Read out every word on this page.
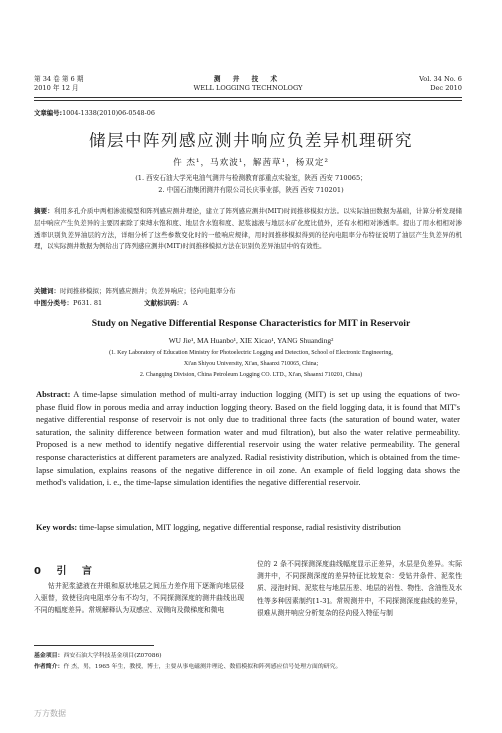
第 34 卷 第 6 期
2010 年 12 月
测 井 技 术
WELL LOGGING TECHNOLOGY
Vol. 34 No. 6
Dec 2010
文章编号:1004-1338(2010)06-0548-06
储层中阵列感应测井响应负差异机理研究
仵 杰¹，马欢波¹，解茜草¹，杨双定²
(1. 西安石油大学光电油气测井与检测教育部重点实验室，陕西 西安 710065；
2. 中国石油集团测井有限公司长庆事业部，陕西 西安 710201)
摘要：利用多孔介质中两相渗流模型和阵列感应测井理论，建立了阵列感应测井(MIT)时间推移模拟方法。以实际油田数据为基础，计算分析发现储层中响应产生负差异的主要因素除了束缚水饱和度、地层含水饱和度、泥浆滤液与地层水矿化度比值外，还有水相相对渗透率。提出了用水相相对渗透率识别负差异油层的方法，详细分析了这些参数变化时的一般响应规律，用时间推移模拟得到的径向电阻率分布特征说明了油层产生负差异的机理，以实际测井数据为例给出了阵列感应测井(MIT)时间推移模拟方法在识别负差异油层中的有效性。
关键词：时间推移模拟；阵列感应测井；负差异响应；径向电阻率分布
中图分类号：P631. 81	文献标识码：A
Study on Negative Differential Response Characteristics for MIT in Reservoir
WU Jie¹, MA Huanbo¹, XIE Xicao¹, YANG Shuanding²
(1. Key Laboratory of Education Ministry for Photoelectric Logging and Detection, School of Electronic Engineering,
Xi'an Shiyou University, Xi'an, Shaanxi 710065, China;
2. Changqing Division, China Petroleum Logging CO. LTD., Xi'an, Shaanxi 710201, China)
Abstract: A time-lapse simulation method of multi-array induction logging (MIT) is set up using the equations of two-phase fluid flow in porous media and array induction logging theory. Based on the field logging data, it is found that MIT's negative differential response of reservoir is not only due to traditional three facts (the saturation of bound water, water saturation, the salinity difference between formation water and mud filtration), but also the water relative permeability. Proposed is a new method to identify negative differential reservoir using the water relative permeability. The general response characteristics at different parameters are analyzed. Radial resistivity distribution, which is obtained from the time-lapse simulation, explains reasons of the negative difference in oil zone. An example of field logging data shows the method's validation, i. e., the time-lapse simulation identifies the negative differential reservoir.
Key words: time-lapse simulation, MIT logging, negative differential response, radial resistivity distribution
0 引 言
钻井泥浆滤液在井眼和原状地层之间压力差作用下逐渐向地层侵入驱替，致使径向电阻率分布不均匀，不同探测深度的测井曲线出现不同的幅度差异。常规解释认为双感应、双侧向及微梯度和微电
位的 2 条不同探测深度曲线幅度显示正差异，水层是负差异。实际测井中，不同探测深度的差异特征比较复杂：受钻井条件、泥浆性质、浸泡时间、泥浆柱与地层压差、地层的岩性、物性、含油性及水性等多种因素制约[1-3]。常规测井中，不同探测深度曲线的差异，很难从测井响应分析复杂的径向侵入特征与制
基金项目：西安石油大学科技基金项目(Z07086)
作者简介：仵 杰，男，1965 年生，教授，博士，主要从事电磁测井理论、数值模拟和阵列感应信号处理方面的研究。
万方数据
